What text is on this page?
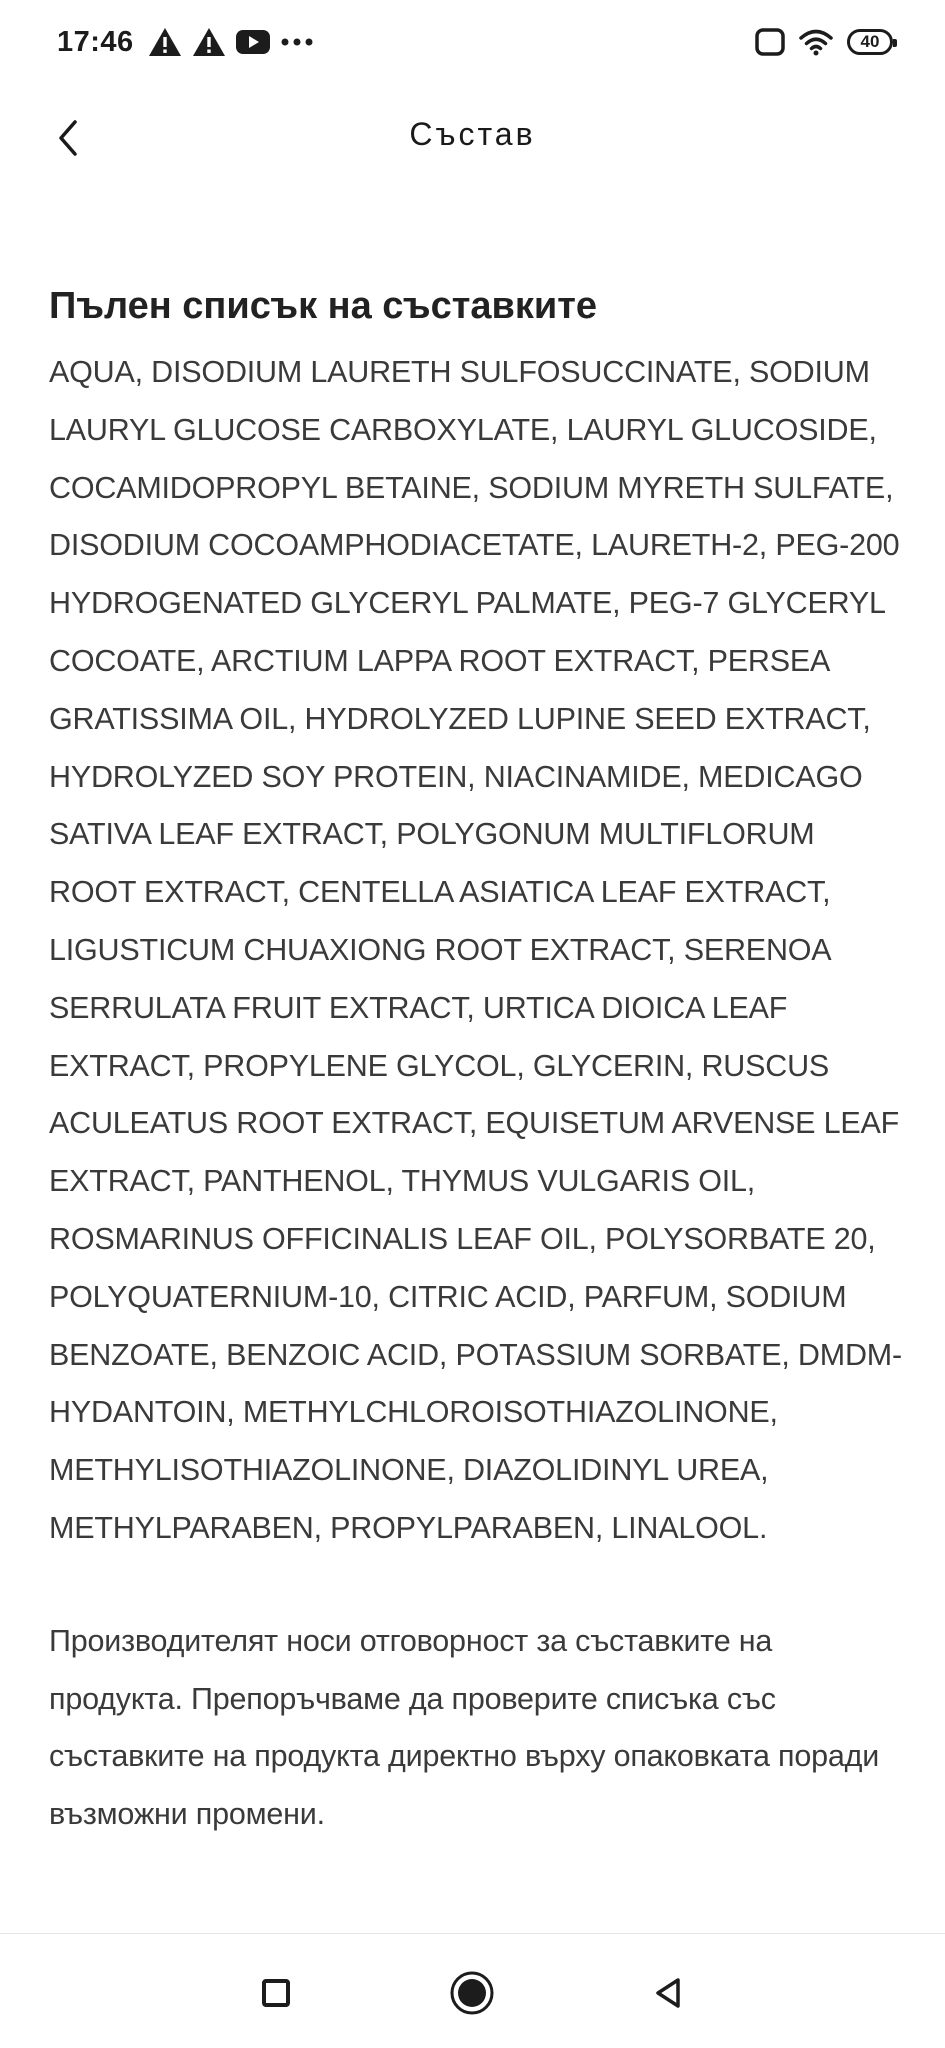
17:46	40
Състав
Пълен списък на съставките

AQUA, DISODIUM LAURETH SULFOSUCCINATE, SODIUM LAURYL GLUCOSE CARBOXYLATE, LAURYL GLUCOSIDE, COCAMIDOPROPYL BETAINE, SODIUM MYRETH SULFATE, DISODIUM COCOAMPHODIACETATE, LAURETH-2, PEG-200 HYDROGENATED GLYCERYL PALMATE, PEG-7 GLYCERYL COCOATE, ARCTIUM LAPPA ROOT EXTRACT, PERSEA GRATISSIMA OIL, HYDROLYZED LUPINE SEED EXTRACT, HYDROLYZED SOY PROTEIN, NIACINAMIDE, MEDICAGO SATIVA LEAF EXTRACT, POLYGONUM MULTIFLORUM ROOT EXTRACT, CENTELLA ASIATICA LEAF EXTRACT, LIGUSTICUM CHUAXIONG ROOT EXTRACT, SERENOA SERRULATA FRUIT EXTRACT, URTICA DIOICA LEAF EXTRACT, PROPYLENE GLYCOL, GLYCERIN, RUSCUS ACULEATUS ROOT EXTRACT, EQUISETUM ARVENSE LEAF EXTRACT, PANTHENOL, THYMUS VULGARIS OIL, ROSMARINUS OFFICINALIS LEAF OIL, POLYSORBATE 20, POLYQUATERNIUM-10, CITRIC ACID, PARFUM, SODIUM BENZOATE, BENZOIC ACID, POTASSIUM SORBATE, DMDM-HYDANTOIN, METHYLCHLOROISOTHIAZOLINONE, METHYLISOTHIAZOLINONE, DIAZOLIDINYL UREA, METHYLPARABEN, PROPYLPARABEN, LINALOOL.

Производителят носи отговорност за съставките на продукта. Препоръчваме да проверите списъка със съставките на продукта директно върху опаковката поради възможни промени.
